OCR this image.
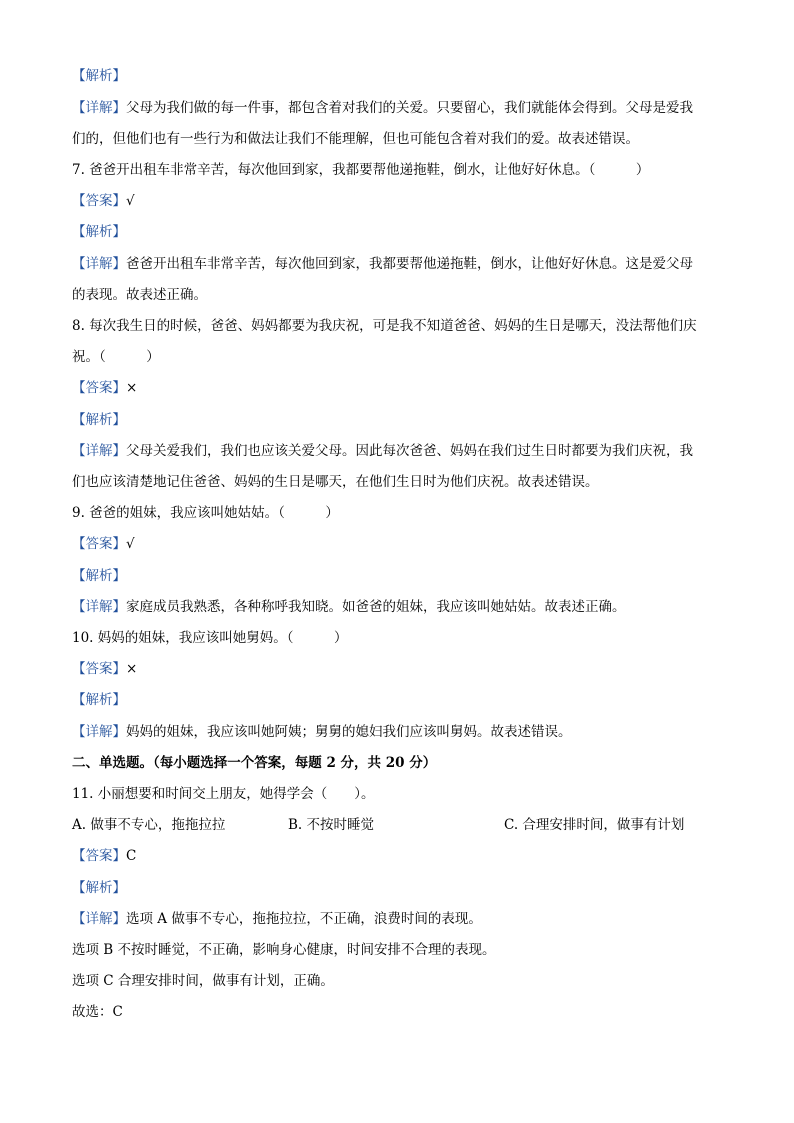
【解析】
【详解】父母为我们做的每一件事，都包含着对我们的关爱。只要留心，我们就能体会得到。父母是爱我
们的，但他们也有一些行为和做法让我们不能理解，但也可能包含着对我们的爱。故表述错误。
7. 爸爸开出租车非常辛苦，每次他回到家，我都要帮他递拖鞋，倒水，让他好好休息。（　　　）
【答案】√
【解析】
【详解】爸爸开出租车非常辛苦，每次他回到家，我都要帮他递拖鞋，倒水，让他好好休息。这是爱父母
的表现。故表述正确。
8. 每次我生日的时候，爸爸、妈妈都要为我庆祝，可是我不知道爸爸、妈妈的生日是哪天，没法帮他们庆
祝。（　　　）
【答案】×
【解析】
【详解】父母关爱我们，我们也应该关爱父母。因此每次爸爸、妈妈在我们过生日时都要为我们庆祝，我
们也应该清楚地记住爸爸、妈妈的生日是哪天，在他们生日时为他们庆祝。故表述错误。
9. 爸爸的姐妹，我应该叫她姑姑。（　　　）
【答案】√
【解析】
【详解】家庭成员我熟悉，各种称呼我知晓。如爸爸的姐妹，我应该叫她姑姑。故表述正确。
10. 妈妈的姐妹，我应该叫她舅妈。（　　　）
【答案】×
【解析】
【详解】妈妈的姐妹，我应该叫她阿姨；舅舅的媳妇我们应该叫舅妈。故表述错误。
二、单选题。（每小题选择一个答案，每题 2 分，共 20 分）
11. 小丽想要和时间交上朋友，她得学会（　　）。
A. 做事不专心，拖拖拉拉	B. 不按时睡觉	C. 合理安排时间，做事有计划
【答案】C
【解析】
【详解】选项 A 做事不专心，拖拖拉拉，不正确，浪费时间的表现。
选项 B 不按时睡觉，不正确，影响身心健康，时间安排不合理的表现。
选项 C 合理安排时间，做事有计划，正确。
故选：C
